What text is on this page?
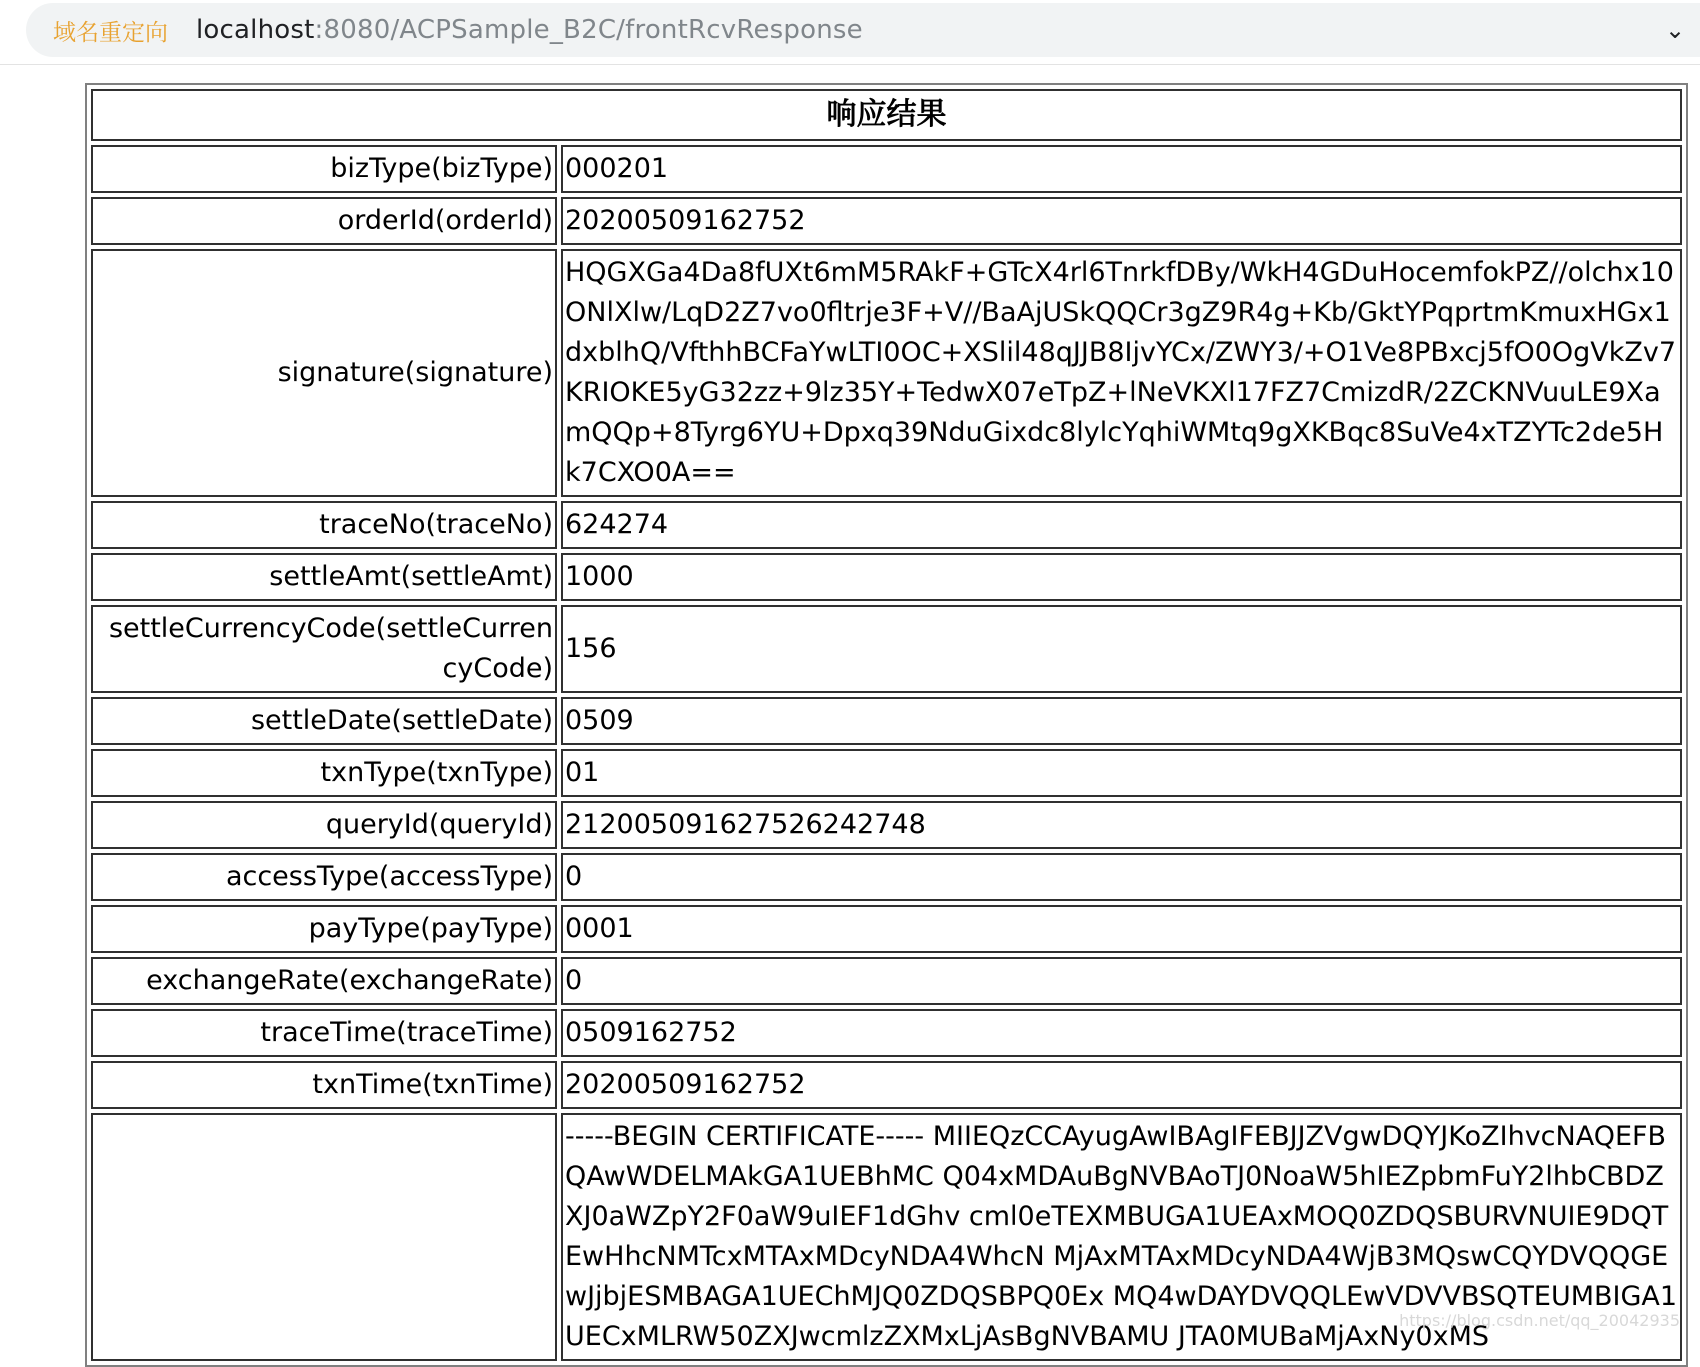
域名重定向 localhost:8080/ACPSample_B2C/frontRcvResponse	⌄
响应结果	
bizType(bizType)	000201
orderId(orderId)	20200509162752
signature(signature)	HQGXGa4Da8fUXt6mM5RAkF+GTcX4rl6TnrkfDBy/WkH4GDuHocemfokPZ//olchx10ONlXlw/LqD2Z7vo0fltrje3F+V//BaAjUSkQQCr3gZ9R4g+Kb/GktYPqprtmKmuxHGx1dxblhQ/VfthhBCFaYwLTI0OC+XSlil48qJJB8IjvYCx/ZWY3/+O1Ve8PBxcj5fO0OgVkZv7KRIOKE5yG32zz+9lz35Y+TedwX07eTpZ+lNeVKXl17FZ7CmizdR/2ZCKNVuuLE9XamQQp+8Tyrg6YU+Dpxq39NduGixdc8lylcYqhiWMtq9gXKBqc8SuVe4xTZYTc2de5Hk7CXO0A==
traceNo(traceNo)	624274
settleAmt(settleAmt)	1000
settleCurrencyCode(settleCurrencyCode)	156
settleDate(settleDate)	0509
txnType(txnType)	01
queryId(queryId)	212005091627526242748
accessType(accessType)	0
payType(payType)	0001
exchangeRate(exchangeRate)	0
traceTime(traceTime)	0509162752
txnTime(txnTime)	20200509162752
	-----BEGIN CERTIFICATE----- MIIEQzCCAyugAwIBAgIFEBJJZVgwDQYJKoZIhvcNAQEFBQAwWDELMAkGA1UEBhMC Q04xMDAuBgNVBAoTJ0NoaW5hIEZpbmFuY2lhbCBDZXJ0aWZpY2F0aW9uIEF1dGhv cml0eTEXMBUGA1UEAxMOQ0ZDQSBURVNUIE9DQTEwHhcNMTcxMTAxMDcyNDA4WhcN MjAxMTAxMDcyNDA4WjB3MQswCQYDVQQGEwJjbjESMBAGA1UEChMJQ0ZDQSBPQ0Ex MQ4wDAYDVQQLEwVDVVBSQTEUMBIGA1UECxMLRW50ZXJwcmlzZXMxLjAsBgNVBAMU JTA0MUBaMjAxNy0xMS
https://blog.csdn.net/qq_20042935
